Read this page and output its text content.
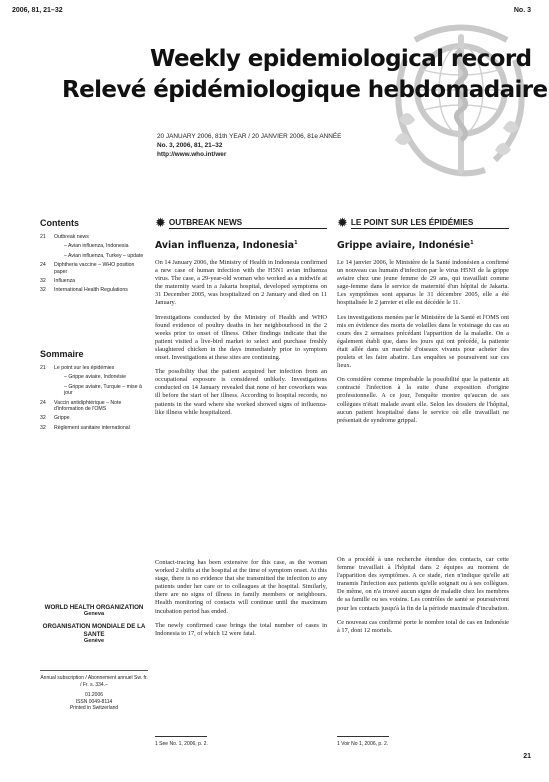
2006, 81, 21–32	No. 3
Weekly epidemiological record
Relevé épidémiologique hebdomadaire
20 JANUARY 2006, 81th YEAR / 20 JANVIER 2006, 81e ANNÉE
No. 3, 2006, 81, 21–32
http://www.who.int/wer
Contents
21	Outbreak news
– Avian influenza, Indonesia
– Avian influenza, Turkey – update
24	Diphtheria vaccine – WHO position paper
32	Influenza
32	International Health Regulations
Sommaire
21	Le point sur les épidémies
– Grippe aviaire, Indonésie
– Grippe aviaire, Turquie – mise à jour
24	Vaccin antidiphtérique – Note d'information de l'OMS
32	Grippe
32	Règlement sanitaire international
WORLD HEALTH ORGANIZATION
Geneva
ORGANISATION MONDIALE DE LA SANTE
Genève
Annual subscription / Abonnement annuel Sw. fr. / Fr. s. 334.–
01.2006
ISSN 0049-8114
Printed in Switzerland
✹ OUTBREAK NEWS	✹ LE POINT SUR LES ÉPIDÉMIES
Avian influenza, Indonesia$^1$	Grippe aviaire, Indonésie$^1$

On 14 January 2006, the Ministry of Health in Indonesia confirmed a new case of human infection with the H5N1 avian influenza virus. The case, a 29-year-old woman who worked as a midwife at the maternity ward in a Jakarta hospital, developed symptoms on 31 December 2005, was hospitalized on 2 January and died on 11 January.

Investigations conducted by the Ministry of Health and WHO found evidence of poultry deaths in her neighbourhood in the 2 weeks prior to onset of illness. Other findings indicate that the patient visited a live-bird market to select and purchase freshly slaughtered chicken in the days immediately prior to symptom onset. Investigations at these sites are continuing.

The possibility that the patient acquired her infection from an occupational exposure is considered unlikely. Investigations conducted on 14 January revealed that none of her coworkers was ill before the start of her illness. According to hospital records, no patients in the ward where she worked showed signs of influenza-like illness while hospitalized.

Le 14 janvier 2006, le Ministère de la Santé indonésien a confirmé un nouveau cas humain d'infection par le virus H5N1 de la grippe aviaire chez une jeune femme de 29 ans, qui travaillait comme sage-femme dans le service de maternité d'un hôpital de Jakarta. Les symptômes sont apparus le 31 décembre 2005, elle a été hospitalisée le 2 janvier et elle est décédée le 11.

Les investigations menées par le Ministère de la Santé et l'OMS ont mis en évidence des morts de volailles dans le voisinage du cas au cours des 2 semaines précédant l'apparition de la maladie. On a également établi que, dans les jours qui ont précédé, la patiente était allée dans un marché d'oiseaux vivants pour acheter des poulets et les faire abattre. Les enquêtes se poursuivent sur ces lieux.

On considère comme improbable la possibilité que la patiente ait contracté l'infection à la suite d'une exposition d'origine professionnelle. A ce jour, l'enquête montre qu'aucun de ses collègues n'était malade avant elle. Selon les dossiers de l'hôpital, aucun patient hospitalisé dans le service où elle travaillait ne présentait de syndrome grippal.

Contact-tracing has been extensive for this case, as the woman worked 2 shifts at the hospital at the time of symptom onset. At this stage, there is no evidence that she transmitted the infection to any patients under her care or to colleagues at the hospital. Similarly, there are no signs of illness in family members or neighbours. Health monitoring of contacts will continue until the maximum incubation period has ended.

The newly confirmed case brings the total number of cases in Indonesia to 17, of which 12 were fatal.

On a procédé à une recherche étendue des contacts, car cette femme travaillait à l'hôpital dans 2 équipes au moment de l'apparition des symptômes. A ce stade, rien n'indique qu'elle ait transmis l'infection aux patients qu'elle soignait ou à ses collègues. De même, on n'a trouvé aucun signe de maladie chez les membres de sa famille ou ses voisins. Les contrôles de santé se poursuivront pour les contacts jusqu'à la fin de la période maximale d'incubation.

Ce nouveau cas confirmé porte le nombre total de cas en Indonésie à 17, dont 12 mortels.

1 See No. 1, 2006, p. 2.	1 Voir No 1, 2006, p. 2.
21
